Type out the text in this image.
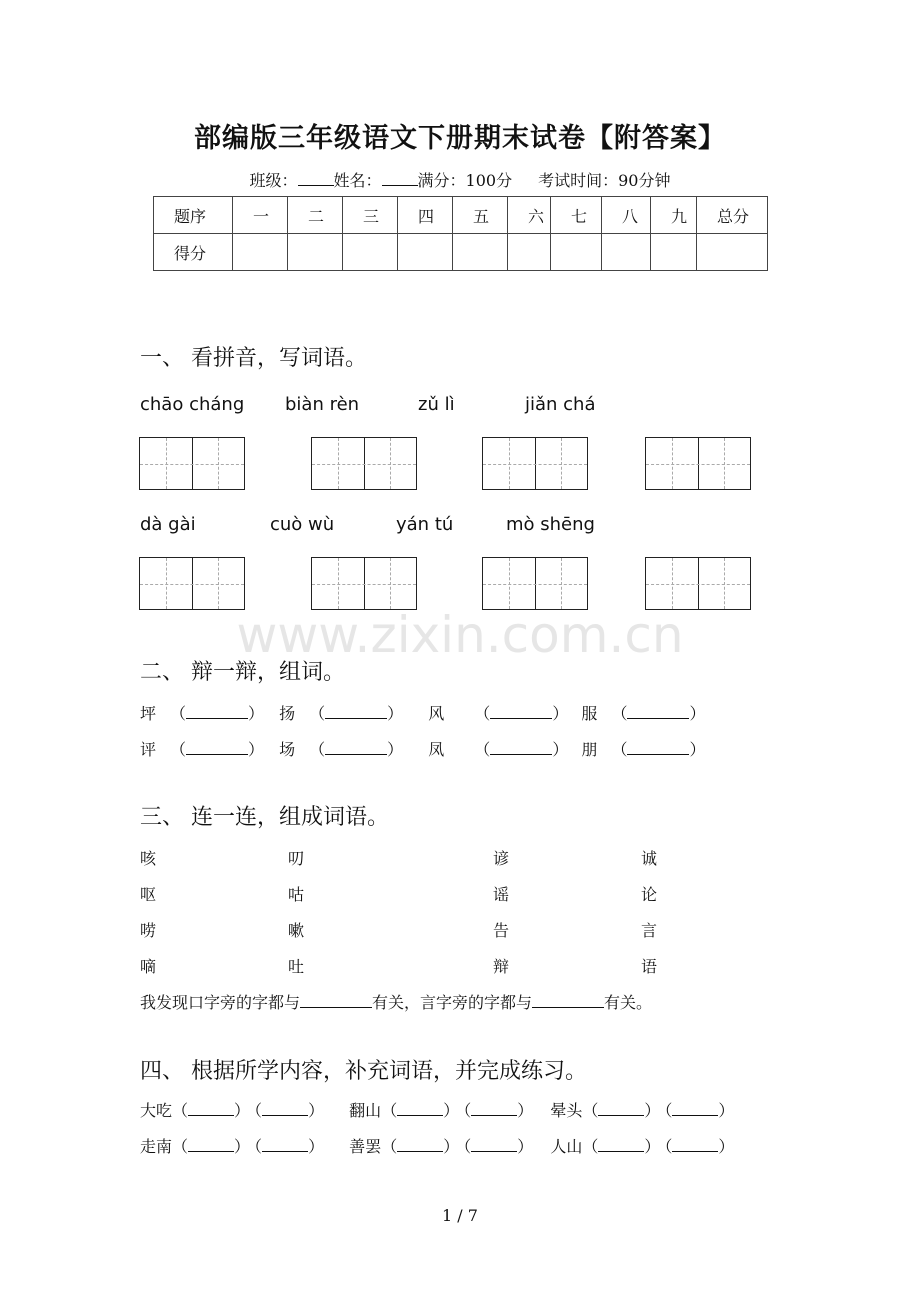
部编版三年级语文下册期末试卷【附答案】
班级： 姓名： 满分：100分 考试时间：90分钟
题序	一	二	三	四	五	六	七	八	九	总分
得分										
一、 看拼音，写词语。
chāo cháng biàn rèn	zǔ lì	jiǎn chá
dà gài	cuò wù	yán tú	mò shēng
www.zixin.com.cn
二、 辩一辩，组词。
坪 （	） 扬 （	） 风 （	） 服 （	）
评 （	） 场 （	） 凤 （	） 朋 （	）
三、 连一连，组成词语。
咳	叨	谚	诚
呕	咕	谣	论
唠	嗽	告	言
嘀	吐	辩	语
我发现口字旁的字都与	有关，言字旁的字都与	有关。
四、 根据所学内容，补充词语，并完成练习。
大吃（	） （	） 翻山（	） （	） 晕头（	） （	）
走南（	） （	） 善罢（	） （	） 人山（	） （	）
1 / 7
